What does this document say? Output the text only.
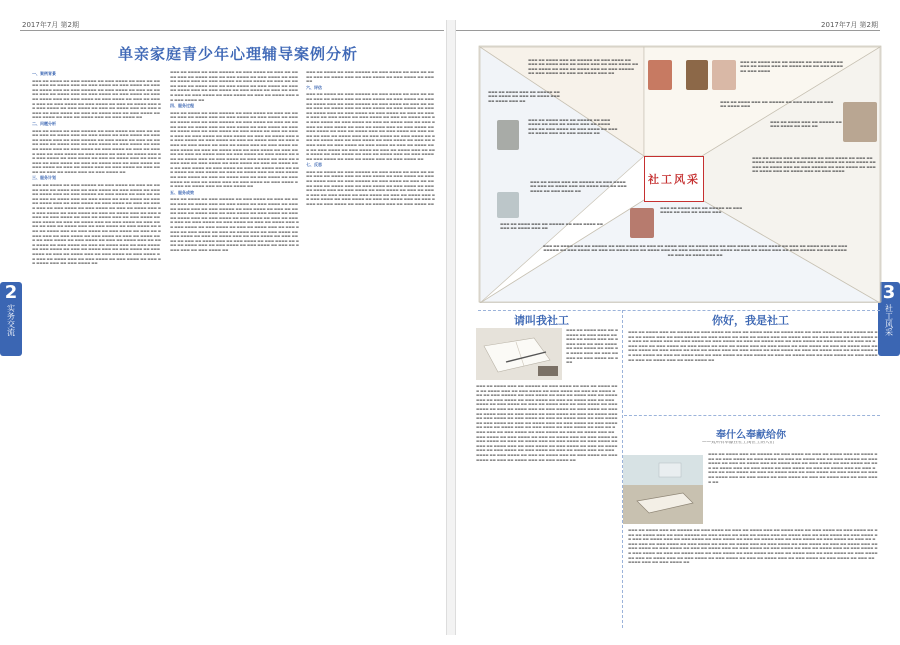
2017年7月 第2期	2017年7月 第2期
2
实务交流
3
社工风采
单亲家庭青少年心理辅导案例分析
一、案例背景
▬▬▬ ▬▬ ▬▬▬▬ ▬▬ ▬▬▬ ▬▬▬▬▬ ▬▬ ▬▬▬ ▬▬▬▬ ▬▬ ▬▬▬ ▬▬ ▬▬▬▬ ▬▬▬ ▬▬ ▬▬▬▬ ▬▬▬ ▬▬ ▬▬▬ ▬▬▬▬ ▬▬ ▬▬▬ ▬▬▬▬ ▬▬ ▬▬▬ ▬▬ ▬▬▬▬ ▬▬▬ ▬▬ ▬▬▬ ▬▬▬▬▬ ▬▬ ▬▬▬ ▬▬▬▬ ▬▬ ▬▬▬ ▬▬ ▬▬▬▬ ▬▬▬ ▬▬ ▬▬▬▬ ▬▬▬ ▬▬ ▬▬▬ ▬▬▬▬ ▬▬ ▬▬▬ ▬▬▬▬ ▬▬ ▬▬▬ ▬▬ ▬▬▬▬ ▬▬▬ ▬▬ ▬▬▬ ▬▬▬▬ ▬▬ ▬▬▬ ▬▬▬▬ ▬▬ ▬▬▬ ▬▬ ▬▬▬▬ ▬▬▬ ▬▬ ▬▬▬ ▬▬▬▬ ▬▬ ▬▬▬ ▬▬▬▬ ▬▬ ▬▬▬ ▬▬ ▬▬▬▬ ▬▬▬ ▬▬ ▬▬▬ ▬▬▬▬ ▬▬ ▬▬▬ ▬▬▬▬ ▬▬ ▬▬▬ ▬▬ ▬▬▬▬ ▬▬▬ ▬▬ ▬▬▬ ▬▬▬▬ ▬▬ ▬▬▬ ▬▬▬▬ ▬▬ ▬▬▬ ▬▬ ▬▬▬▬ ▬▬▬ ▬▬ ▬▬▬ ▬▬▬▬ ▬▬ ▬▬▬ ▬▬▬▬ ▬▬ ▬▬▬ ▬▬ ▬▬▬▬ ▬▬▬ ▬▬ ▬▬▬ ▬▬▬▬ ▬▬
二、问题分析
▬▬▬ ▬▬ ▬▬▬▬ ▬▬ ▬▬▬ ▬▬▬▬▬ ▬▬ ▬▬▬ ▬▬▬▬ ▬▬ ▬▬▬ ▬▬ ▬▬▬▬ ▬▬▬ ▬▬ ▬▬▬▬ ▬▬▬ ▬▬ ▬▬▬ ▬▬▬▬ ▬▬ ▬▬▬ ▬▬▬▬ ▬▬ ▬▬▬ ▬▬ ▬▬▬▬ ▬▬▬ ▬▬ ▬▬▬ ▬▬▬▬▬ ▬▬ ▬▬▬ ▬▬▬▬ ▬▬ ▬▬▬ ▬▬ ▬▬▬▬ ▬▬▬ ▬▬ ▬▬▬▬ ▬▬▬ ▬▬ ▬▬▬ ▬▬▬▬ ▬▬ ▬▬▬ ▬▬▬▬ ▬▬ ▬▬▬ ▬▬ ▬▬▬▬ ▬▬▬ ▬▬ ▬▬▬ ▬▬▬▬ ▬▬ ▬▬▬ ▬▬▬▬ ▬▬ ▬▬▬ ▬▬ ▬▬▬▬ ▬▬▬ ▬▬ ▬▬▬ ▬▬▬▬ ▬▬ ▬▬▬ ▬▬▬▬ ▬▬ ▬▬▬ ▬▬ ▬▬▬▬ ▬▬▬ ▬▬ ▬▬▬ ▬▬▬▬ ▬▬ ▬▬▬ ▬▬▬▬ ▬▬ ▬▬▬ ▬▬ ▬▬▬▬ ▬▬▬ ▬▬ ▬▬▬ ▬▬▬▬ ▬▬ ▬▬▬ ▬▬▬▬ ▬▬ ▬▬▬ ▬▬ ▬▬▬▬ ▬▬▬ ▬▬ ▬▬▬ ▬▬▬▬ ▬▬ ▬▬▬ ▬▬▬▬ ▬▬ ▬▬▬ ▬▬ ▬▬▬▬ ▬▬▬ ▬▬ ▬▬▬ ▬▬▬▬ ▬▬ ▬▬▬ ▬▬▬▬ ▬▬ ▬▬▬ ▬▬ ▬▬▬▬ ▬▬▬ ▬▬ ▬▬▬ ▬▬▬▬ ▬▬
三、服务计划
▬▬▬ ▬▬ ▬▬▬▬ ▬▬ ▬▬▬ ▬▬▬▬▬ ▬▬ ▬▬▬ ▬▬▬▬ ▬▬ ▬▬▬ ▬▬ ▬▬▬▬ ▬▬▬ ▬▬ ▬▬▬▬ ▬▬▬ ▬▬ ▬▬▬ ▬▬▬▬ ▬▬ ▬▬▬ ▬▬▬▬ ▬▬ ▬▬▬ ▬▬ ▬▬▬▬ ▬▬▬ ▬▬ ▬▬▬ ▬▬▬▬▬ ▬▬ ▬▬▬ ▬▬▬▬ ▬▬ ▬▬▬ ▬▬ ▬▬▬▬ ▬▬▬ ▬▬ ▬▬▬▬ ▬▬▬ ▬▬ ▬▬▬ ▬▬▬▬ ▬▬ ▬▬▬ ▬▬▬▬ ▬▬ ▬▬▬ ▬▬ ▬▬▬▬ ▬▬▬ ▬▬ ▬▬▬ ▬▬▬▬ ▬▬ ▬▬▬ ▬▬▬▬ ▬▬ ▬▬▬ ▬▬ ▬▬▬▬ ▬▬▬ ▬▬ ▬▬▬ ▬▬▬▬ ▬▬ ▬▬▬ ▬▬▬▬ ▬▬ ▬▬▬ ▬▬ ▬▬▬▬ ▬▬▬ ▬▬ ▬▬▬ ▬▬▬▬ ▬▬ ▬▬▬ ▬▬▬▬ ▬▬ ▬▬▬ ▬▬ ▬▬▬▬ ▬▬▬ ▬▬ ▬▬▬ ▬▬▬▬ ▬▬ ▬▬▬ ▬▬▬▬ ▬▬ ▬▬▬ ▬▬ ▬▬▬▬ ▬▬▬ ▬▬ ▬▬▬ ▬▬▬▬ ▬▬ ▬▬▬ ▬▬▬▬ ▬▬ ▬▬▬ ▬▬ ▬▬▬▬ ▬▬▬ ▬▬ ▬▬▬ ▬▬▬▬ ▬▬ ▬▬▬ ▬▬▬▬ ▬▬ ▬▬▬ ▬▬ ▬▬▬▬ ▬▬▬ ▬▬ ▬▬▬ ▬▬▬▬ ▬▬ ▬▬▬ ▬▬▬▬ ▬▬ ▬▬▬ ▬▬ ▬▬▬▬ ▬▬▬ ▬▬ ▬▬▬ ▬▬▬▬ ▬▬ ▬▬▬ ▬▬▬▬ ▬▬ ▬▬▬ ▬▬ ▬▬▬▬ ▬▬▬ ▬▬ ▬▬▬ ▬▬▬▬ ▬▬ ▬▬▬ ▬▬▬▬ ▬▬ ▬▬▬ ▬▬ ▬▬▬▬ ▬▬▬ ▬▬ ▬▬▬ ▬▬▬▬ ▬▬ ▬▬▬ ▬▬▬▬ ▬▬ ▬▬▬ ▬▬ ▬▬▬▬ ▬▬▬ ▬▬ ▬▬▬ ▬▬▬▬ ▬▬ ▬▬▬ ▬▬▬▬ ▬▬ ▬▬▬ ▬▬ ▬▬▬▬ ▬▬▬ ▬▬ ▬▬▬ ▬▬▬▬ ▬▬ ▬▬▬ ▬▬▬▬ ▬▬ ▬▬▬ ▬▬ ▬▬▬▬ ▬▬▬ ▬▬ ▬▬▬ ▬▬▬▬ ▬▬ ▬▬▬ ▬▬▬▬ ▬▬ ▬▬▬ ▬▬ ▬▬▬▬ ▬▬▬ ▬▬ ▬▬▬ ▬▬▬▬ ▬▬ ▬▬▬ ▬▬▬▬ ▬▬ ▬▬▬ ▬▬ ▬▬▬▬ ▬▬▬ ▬▬ ▬▬▬ ▬▬▬▬ ▬▬ ▬▬▬ ▬▬▬▬ ▬▬ ▬▬▬ ▬▬ ▬▬▬▬ ▬▬▬ ▬▬ ▬▬▬ ▬▬▬▬ ▬▬
▬▬▬ ▬▬ ▬▬▬▬ ▬▬ ▬▬▬ ▬▬▬▬▬ ▬▬ ▬▬▬ ▬▬▬▬ ▬▬ ▬▬▬ ▬▬ ▬▬▬▬ ▬▬▬ ▬▬ ▬▬▬▬ ▬▬▬ ▬▬ ▬▬▬ ▬▬▬▬ ▬▬ ▬▬▬ ▬▬▬▬ ▬▬ ▬▬▬ ▬▬ ▬▬▬▬ ▬▬▬ ▬▬ ▬▬▬ ▬▬▬▬▬ ▬▬ ▬▬▬ ▬▬▬▬ ▬▬ ▬▬▬ ▬▬ ▬▬▬▬ ▬▬▬ ▬▬ ▬▬▬▬ ▬▬▬ ▬▬ ▬▬▬ ▬▬▬▬ ▬▬ ▬▬▬ ▬▬▬▬ ▬▬ ▬▬▬ ▬▬ ▬▬▬▬ ▬▬▬ ▬▬ ▬▬▬ ▬▬▬▬ ▬▬ ▬▬▬ ▬▬▬▬ ▬▬ ▬▬▬ ▬▬ ▬▬▬▬ ▬▬▬ ▬▬ ▬▬▬ ▬▬▬▬ ▬▬ ▬▬▬ ▬▬▬▬ ▬▬ ▬▬▬ ▬▬ ▬▬▬▬ ▬▬▬ ▬▬ ▬▬▬ ▬▬▬▬ ▬▬
四、服务过程
▬▬▬ ▬▬ ▬▬▬▬ ▬▬ ▬▬▬ ▬▬▬▬▬ ▬▬ ▬▬▬ ▬▬▬▬ ▬▬ ▬▬▬ ▬▬ ▬▬▬▬ ▬▬▬ ▬▬ ▬▬▬▬ ▬▬▬ ▬▬ ▬▬▬ ▬▬▬▬ ▬▬ ▬▬▬ ▬▬▬▬ ▬▬ ▬▬▬ ▬▬ ▬▬▬▬ ▬▬▬ ▬▬ ▬▬▬ ▬▬▬▬▬ ▬▬ ▬▬▬ ▬▬▬▬ ▬▬ ▬▬▬ ▬▬ ▬▬▬▬ ▬▬▬ ▬▬ ▬▬▬▬ ▬▬▬ ▬▬ ▬▬▬ ▬▬▬▬ ▬▬ ▬▬▬ ▬▬▬▬ ▬▬ ▬▬▬ ▬▬ ▬▬▬▬ ▬▬▬ ▬▬ ▬▬▬ ▬▬▬▬ ▬▬ ▬▬▬ ▬▬▬▬ ▬▬ ▬▬▬ ▬▬ ▬▬▬▬ ▬▬▬ ▬▬ ▬▬▬ ▬▬▬▬ ▬▬ ▬▬▬ ▬▬▬▬ ▬▬ ▬▬▬ ▬▬ ▬▬▬▬ ▬▬▬ ▬▬ ▬▬▬ ▬▬▬▬ ▬▬ ▬▬▬ ▬▬▬▬ ▬▬ ▬▬▬ ▬▬ ▬▬▬▬ ▬▬▬ ▬▬ ▬▬▬ ▬▬▬▬ ▬▬ ▬▬▬ ▬▬▬▬ ▬▬ ▬▬▬ ▬▬ ▬▬▬▬ ▬▬▬ ▬▬ ▬▬▬ ▬▬▬▬ ▬▬ ▬▬▬ ▬▬▬▬ ▬▬ ▬▬▬ ▬▬ ▬▬▬▬ ▬▬▬ ▬▬ ▬▬▬ ▬▬▬▬ ▬▬ ▬▬▬ ▬▬▬▬ ▬▬ ▬▬▬ ▬▬ ▬▬▬▬ ▬▬▬ ▬▬ ▬▬▬ ▬▬▬▬ ▬▬ ▬▬▬ ▬▬▬▬ ▬▬ ▬▬▬ ▬▬ ▬▬▬▬ ▬▬▬ ▬▬ ▬▬▬ ▬▬▬▬ ▬▬ ▬▬▬ ▬▬▬▬ ▬▬ ▬▬▬ ▬▬ ▬▬▬▬ ▬▬▬ ▬▬ ▬▬▬ ▬▬▬▬ ▬▬ ▬▬▬ ▬▬▬▬ ▬▬ ▬▬▬ ▬▬ ▬▬▬▬ ▬▬▬ ▬▬ ▬▬▬ ▬▬▬▬ ▬▬ ▬▬▬ ▬▬▬▬ ▬▬ ▬▬▬ ▬▬ ▬▬▬▬ ▬▬▬ ▬▬ ▬▬▬ ▬▬▬▬ ▬▬ ▬▬▬ ▬▬▬▬ ▬▬ ▬▬▬ ▬▬ ▬▬▬▬ ▬▬▬ ▬▬ ▬▬▬ ▬▬▬▬ ▬▬ ▬▬▬ ▬▬▬▬ ▬▬ ▬▬▬ ▬▬ ▬▬▬▬ ▬▬▬ ▬▬ ▬▬▬ ▬▬▬▬ ▬▬ ▬▬▬ ▬▬▬▬ ▬▬ ▬▬▬ ▬▬ ▬▬▬▬ ▬▬▬ ▬▬ ▬▬▬ ▬▬▬▬ ▬▬ ▬▬▬ ▬▬▬▬ ▬▬ ▬▬▬ ▬▬ ▬▬▬▬ ▬▬▬ ▬▬ ▬▬▬ ▬▬▬▬ ▬▬
五、服务成效
▬▬▬ ▬▬ ▬▬▬▬ ▬▬ ▬▬▬ ▬▬▬▬▬ ▬▬ ▬▬▬ ▬▬▬▬ ▬▬ ▬▬▬ ▬▬ ▬▬▬▬ ▬▬▬ ▬▬ ▬▬▬▬ ▬▬▬ ▬▬ ▬▬▬ ▬▬▬▬ ▬▬ ▬▬▬ ▬▬▬▬ ▬▬ ▬▬▬ ▬▬ ▬▬▬▬ ▬▬▬ ▬▬ ▬▬▬ ▬▬▬▬▬ ▬▬ ▬▬▬ ▬▬▬▬ ▬▬ ▬▬▬ ▬▬ ▬▬▬▬ ▬▬▬ ▬▬ ▬▬▬▬ ▬▬▬ ▬▬ ▬▬▬ ▬▬▬▬ ▬▬ ▬▬▬ ▬▬▬▬ ▬▬ ▬▬▬ ▬▬ ▬▬▬▬ ▬▬▬ ▬▬ ▬▬▬ ▬▬▬▬ ▬▬ ▬▬▬ ▬▬▬▬ ▬▬ ▬▬▬ ▬▬ ▬▬▬▬ ▬▬▬ ▬▬ ▬▬▬ ▬▬▬▬ ▬▬ ▬▬▬ ▬▬▬▬ ▬▬ ▬▬▬ ▬▬ ▬▬▬▬ ▬▬▬ ▬▬ ▬▬▬ ▬▬▬▬ ▬▬ ▬▬▬ ▬▬▬▬ ▬▬ ▬▬▬ ▬▬ ▬▬▬▬ ▬▬▬ ▬▬ ▬▬▬ ▬▬▬▬ ▬▬ ▬▬▬ ▬▬▬▬ ▬▬ ▬▬▬ ▬▬ ▬▬▬▬ ▬▬▬ ▬▬ ▬▬▬ ▬▬▬▬ ▬▬ ▬▬▬ ▬▬▬▬ ▬▬ ▬▬▬ ▬▬ ▬▬▬▬ ▬▬▬ ▬▬ ▬▬▬ ▬▬▬▬ ▬▬ ▬▬▬ ▬▬▬▬ ▬▬ ▬▬▬ ▬▬ ▬▬▬▬ ▬▬▬ ▬▬ ▬▬▬ ▬▬▬▬ ▬▬ ▬▬▬ ▬▬▬▬ ▬▬ ▬▬▬ ▬▬ ▬▬▬▬ ▬▬▬ ▬▬ ▬▬▬ ▬▬▬▬ ▬▬ ▬▬▬ ▬▬▬▬ ▬▬ ▬▬▬ ▬▬ ▬▬▬▬ ▬▬▬ ▬▬ ▬▬▬ ▬▬▬▬ ▬▬
▬▬▬ ▬▬ ▬▬▬▬ ▬▬ ▬▬▬ ▬▬▬▬▬ ▬▬ ▬▬▬ ▬▬▬▬ ▬▬ ▬▬▬ ▬▬ ▬▬▬▬ ▬▬▬ ▬▬ ▬▬▬▬ ▬▬▬ ▬▬ ▬▬▬ ▬▬▬▬ ▬▬ ▬▬▬ ▬▬▬▬ ▬▬ ▬▬▬ ▬▬
六、评估
▬▬▬ ▬▬ ▬▬▬▬ ▬▬ ▬▬▬ ▬▬▬▬▬ ▬▬ ▬▬▬ ▬▬▬▬ ▬▬ ▬▬▬ ▬▬ ▬▬▬▬ ▬▬▬ ▬▬ ▬▬▬▬ ▬▬▬ ▬▬ ▬▬▬ ▬▬▬▬ ▬▬ ▬▬▬ ▬▬▬▬ ▬▬ ▬▬▬ ▬▬ ▬▬▬▬ ▬▬▬ ▬▬ ▬▬▬ ▬▬▬▬▬ ▬▬ ▬▬▬ ▬▬▬▬ ▬▬ ▬▬▬ ▬▬ ▬▬▬▬ ▬▬▬ ▬▬ ▬▬▬▬ ▬▬▬ ▬▬ ▬▬▬ ▬▬▬▬ ▬▬ ▬▬▬ ▬▬▬▬ ▬▬ ▬▬▬ ▬▬ ▬▬▬▬ ▬▬▬ ▬▬ ▬▬▬ ▬▬▬▬ ▬▬ ▬▬▬ ▬▬▬▬ ▬▬ ▬▬▬ ▬▬ ▬▬▬▬ ▬▬▬ ▬▬ ▬▬▬ ▬▬▬▬ ▬▬ ▬▬▬ ▬▬▬▬ ▬▬ ▬▬▬ ▬▬ ▬▬▬▬ ▬▬▬ ▬▬ ▬▬▬ ▬▬▬▬ ▬▬ ▬▬▬ ▬▬▬▬ ▬▬ ▬▬▬ ▬▬ ▬▬▬▬ ▬▬▬ ▬▬ ▬▬▬ ▬▬▬▬ ▬▬ ▬▬▬ ▬▬▬▬ ▬▬ ▬▬▬ ▬▬ ▬▬▬▬ ▬▬▬ ▬▬ ▬▬▬ ▬▬▬▬ ▬▬ ▬▬▬ ▬▬▬▬ ▬▬ ▬▬▬ ▬▬ ▬▬▬▬ ▬▬▬ ▬▬ ▬▬▬ ▬▬▬▬ ▬▬ ▬▬▬ ▬▬▬▬ ▬▬ ▬▬▬ ▬▬ ▬▬▬▬ ▬▬▬ ▬▬ ▬▬▬ ▬▬▬▬ ▬▬ ▬▬▬ ▬▬▬▬ ▬▬ ▬▬▬ ▬▬ ▬▬▬▬ ▬▬▬ ▬▬ ▬▬▬ ▬▬▬▬ ▬▬ ▬▬▬ ▬▬▬▬ ▬▬ ▬▬▬ ▬▬ ▬▬▬▬ ▬▬▬ ▬▬ ▬▬▬ ▬▬▬▬ ▬▬ ▬▬▬ ▬▬▬▬ ▬▬ ▬▬▬ ▬▬ ▬▬▬▬ ▬▬▬ ▬▬ ▬▬▬ ▬▬▬▬ ▬▬ ▬▬▬ ▬▬▬▬ ▬▬ ▬▬▬ ▬▬ ▬▬▬▬ ▬▬▬ ▬▬ ▬▬▬ ▬▬▬▬ ▬▬ ▬▬▬ ▬▬▬▬ ▬▬ ▬▬▬ ▬▬ ▬▬▬▬ ▬▬▬ ▬▬ ▬▬▬ ▬▬▬▬ ▬▬ ▬▬▬ ▬▬▬▬ ▬▬ ▬▬▬ ▬▬ ▬▬▬▬ ▬▬▬ ▬▬ ▬▬▬ ▬▬▬▬ ▬▬
七、反思
▬▬▬ ▬▬ ▬▬▬▬ ▬▬ ▬▬▬ ▬▬▬▬▬ ▬▬ ▬▬▬ ▬▬▬▬ ▬▬ ▬▬▬ ▬▬ ▬▬▬▬ ▬▬▬ ▬▬ ▬▬▬▬ ▬▬▬ ▬▬ ▬▬▬ ▬▬▬▬ ▬▬ ▬▬▬ ▬▬▬▬ ▬▬ ▬▬▬ ▬▬ ▬▬▬▬ ▬▬▬ ▬▬ ▬▬▬ ▬▬▬▬▬ ▬▬ ▬▬▬ ▬▬▬▬ ▬▬ ▬▬▬ ▬▬ ▬▬▬▬ ▬▬▬ ▬▬ ▬▬▬▬ ▬▬▬ ▬▬ ▬▬▬ ▬▬▬▬ ▬▬ ▬▬▬ ▬▬▬▬ ▬▬ ▬▬▬ ▬▬ ▬▬▬▬ ▬▬▬ ▬▬ ▬▬▬ ▬▬▬▬ ▬▬ ▬▬▬ ▬▬▬▬ ▬▬ ▬▬▬ ▬▬ ▬▬▬▬ ▬▬▬ ▬▬ ▬▬▬ ▬▬▬▬ ▬▬ ▬▬▬ ▬▬▬▬ ▬▬ ▬▬▬ ▬▬ ▬▬▬▬ ▬▬▬ ▬▬ ▬▬▬ ▬▬▬▬ ▬▬ ▬▬▬ ▬▬▬▬ ▬▬ ▬▬▬ ▬▬ ▬▬▬▬ ▬▬▬ ▬▬ ▬▬▬ ▬▬▬▬ ▬▬ ▬▬▬ ▬▬▬▬ ▬▬ ▬▬▬ ▬▬ ▬▬▬▬ ▬▬▬ ▬▬ ▬▬▬ ▬▬▬▬ ▬▬
社工风采
▬▬▬ ▬▬ ▬▬▬▬ ▬▬▬ ▬▬ ▬▬▬▬▬ ▬▬ ▬▬▬ ▬▬▬▬ ▬▬ ▬▬▬ ▬▬ ▬▬▬▬ ▬▬▬ ▬▬ ▬▬▬▬ ▬▬▬ ▬▬ ▬▬▬ ▬▬▬▬ ▬▬ ▬▬▬ ▬▬▬▬ ▬▬ ▬▬▬ ▬▬ ▬▬▬▬ ▬▬▬ ▬▬ ▬▬▬ ▬▬▬▬▬ ▬▬ ▬▬▬ ▬▬▬▬ ▬▬ ▬▬▬ ▬▬ ▬▬▬▬ ▬▬▬ ▬▬
▬▬▬ ▬▬ ▬▬▬▬ ▬▬▬ ▬▬ ▬▬▬▬▬ ▬▬ ▬▬▬ ▬▬▬▬ ▬▬ ▬▬▬ ▬▬ ▬▬▬▬ ▬▬▬ ▬▬ ▬▬▬▬ ▬▬▬ ▬▬
▬▬▬ ▬▬ ▬▬▬▬ ▬▬▬ ▬▬ ▬▬▬▬▬ ▬▬ ▬▬▬ ▬▬▬▬ ▬▬ ▬▬▬ ▬▬ ▬▬▬▬ ▬▬▬ ▬▬ ▬▬▬▬ ▬▬▬ ▬▬ ▬▬▬ ▬▬▬▬ ▬▬ ▬▬▬ ▬▬▬▬ ▬▬ ▬▬▬ ▬▬ ▬▬▬▬ ▬▬▬ ▬▬ ▬▬▬ ▬▬▬▬▬ ▬▬
▬▬▬ ▬▬ ▬▬▬▬ ▬▬▬ ▬▬ ▬▬▬▬▬ ▬▬ ▬▬▬ ▬▬▬▬ ▬▬ ▬▬▬ ▬▬ ▬▬▬▬ ▬▬▬ ▬▬ ▬▬▬▬ ▬▬▬ ▬▬ ▬▬▬ ▬▬▬▬ ▬▬ ▬▬▬ ▬▬▬▬ ▬▬
▬▬▬ ▬▬ ▬▬▬▬ ▬▬▬ ▬▬ ▬▬▬▬▬ ▬▬ ▬▬▬ ▬▬▬▬ ▬▬ ▬▬▬ ▬▬ ▬▬▬▬ ▬▬▬ ▬▬
▬▬▬ ▬▬ ▬▬▬▬ ▬▬▬ ▬▬ ▬▬▬▬▬ ▬▬ ▬▬▬ ▬▬▬▬ ▬▬ ▬▬▬ ▬▬ ▬▬▬▬ ▬▬▬ ▬▬ ▬▬▬▬ ▬▬▬ ▬▬ ▬▬▬ ▬▬▬▬ ▬▬ ▬▬▬ ▬▬▬▬
▬▬▬ ▬▬ ▬▬▬▬ ▬▬▬ ▬▬ ▬▬▬▬▬ ▬▬ ▬▬▬ ▬▬▬▬ ▬▬ ▬▬▬ ▬▬ ▬▬▬▬ ▬▬▬
▬▬▬ ▬▬ ▬▬▬▬ ▬▬▬ ▬▬ ▬▬▬▬▬ ▬▬ ▬▬▬ ▬▬▬▬ ▬▬ ▬▬▬ ▬▬
▬▬▬ ▬▬ ▬▬▬▬ ▬▬▬ ▬▬ ▬▬▬▬▬ ▬▬ ▬▬▬ ▬▬▬▬ ▬▬ ▬▬▬ ▬▬ ▬▬▬▬ ▬▬▬ ▬▬ ▬▬▬▬ ▬▬▬ ▬▬ ▬▬▬ ▬▬▬▬ ▬▬ ▬▬▬ ▬▬▬▬ ▬▬ ▬▬▬ ▬▬ ▬▬▬▬ ▬▬▬ ▬▬ ▬▬▬ ▬▬▬▬▬ ▬▬ ▬▬▬ ▬▬▬▬ ▬▬ ▬▬▬ ▬▬ ▬▬▬▬ ▬▬▬ ▬▬ ▬▬▬▬ ▬▬▬ ▬▬ ▬▬▬ ▬▬▬▬
▬▬▬ ▬▬ ▬▬▬▬ ▬▬▬ ▬▬ ▬▬▬▬▬ ▬▬ ▬▬▬ ▬▬▬▬ ▬▬ ▬▬▬ ▬▬ ▬▬▬▬ ▬▬▬
▬▬▬ ▬▬ ▬▬▬▬ ▬▬▬ ▬▬ ▬▬▬▬▬ ▬▬ ▬▬▬ ▬▬▬▬ ▬▬ ▬▬▬ ▬▬ ▬▬▬▬ ▬▬▬ ▬▬ ▬▬▬▬ ▬▬▬ ▬▬ ▬▬▬ ▬▬▬▬ ▬▬ ▬▬▬ ▬▬▬▬ ▬▬ ▬▬▬ ▬▬ ▬▬▬▬ ▬▬▬ ▬▬ ▬▬▬ ▬▬▬▬▬ ▬▬ ▬▬▬ ▬▬▬▬ ▬▬ ▬▬▬ ▬▬ ▬▬▬▬ ▬▬▬ ▬▬ ▬▬▬▬ ▬▬▬ ▬▬ ▬▬▬ ▬▬▬▬ ▬▬ ▬▬▬ ▬▬▬▬ ▬▬ ▬▬▬ ▬▬ ▬▬▬▬ ▬▬▬ ▬▬ ▬▬▬ ▬▬▬▬▬ ▬▬ ▬▬▬ ▬▬▬▬ ▬▬ ▬▬▬ ▬▬ ▬▬▬▬ ▬▬▬ ▬▬
请叫我社工
▬▬▬ ▬▬ ▬▬▬▬ ▬▬▬ ▬▬ ▬▬▬▬▬ ▬▬ ▬▬▬ ▬▬▬▬ ▬▬ ▬▬▬ ▬▬ ▬▬▬▬ ▬▬▬ ▬▬ ▬▬▬▬ ▬▬▬ ▬▬ ▬▬▬ ▬▬▬▬ ▬▬ ▬▬▬ ▬▬▬▬ ▬▬ ▬▬▬ ▬▬ ▬▬▬▬ ▬▬▬ ▬▬ ▬▬▬ ▬▬▬▬▬ ▬▬ ▬▬▬ ▬▬▬▬ ▬▬ ▬▬▬
▬▬▬ ▬▬ ▬▬▬▬ ▬▬▬ ▬▬ ▬▬▬▬▬ ▬▬ ▬▬▬ ▬▬▬▬ ▬▬ ▬▬▬ ▬▬ ▬▬▬▬ ▬▬▬ ▬▬ ▬▬▬▬ ▬▬▬ ▬▬ ▬▬▬ ▬▬▬▬ ▬▬ ▬▬▬ ▬▬▬▬ ▬▬ ▬▬▬ ▬▬ ▬▬▬▬ ▬▬▬ ▬▬ ▬▬▬ ▬▬▬▬▬ ▬▬ ▬▬▬ ▬▬▬▬ ▬▬ ▬▬▬ ▬▬ ▬▬▬▬ ▬▬▬ ▬▬ ▬▬▬▬ ▬▬▬ ▬▬ ▬▬▬ ▬▬▬▬ ▬▬ ▬▬▬ ▬▬▬▬ ▬▬ ▬▬▬ ▬▬ ▬▬▬▬ ▬▬▬ ▬▬ ▬▬▬ ▬▬▬▬ ▬▬ ▬▬▬ ▬▬▬▬ ▬▬ ▬▬▬ ▬▬ ▬▬▬▬ ▬▬▬ ▬▬ ▬▬▬ ▬▬▬▬ ▬▬ ▬▬▬ ▬▬▬▬ ▬▬ ▬▬▬ ▬▬ ▬▬▬▬ ▬▬▬ ▬▬ ▬▬▬ ▬▬▬▬ ▬▬ ▬▬▬ ▬▬▬▬ ▬▬ ▬▬▬ ▬▬ ▬▬▬▬ ▬▬▬ ▬▬ ▬▬▬ ▬▬▬▬ ▬▬ ▬▬▬ ▬▬▬▬ ▬▬ ▬▬▬ ▬▬ ▬▬▬▬ ▬▬▬ ▬▬ ▬▬▬ ▬▬▬▬ ▬▬ ▬▬▬ ▬▬▬▬ ▬▬ ▬▬▬ ▬▬ ▬▬▬▬ ▬▬▬ ▬▬ ▬▬▬ ▬▬▬▬ ▬▬ ▬▬▬ ▬▬▬▬ ▬▬ ▬▬▬ ▬▬ ▬▬▬▬ ▬▬▬ ▬▬ ▬▬▬ ▬▬▬▬ ▬▬ ▬▬▬ ▬▬▬▬ ▬▬ ▬▬▬ ▬▬ ▬▬▬▬ ▬▬▬ ▬▬ ▬▬▬ ▬▬▬▬ ▬▬ ▬▬▬ ▬▬▬▬ ▬▬ ▬▬▬ ▬▬ ▬▬▬▬ ▬▬▬ ▬▬ ▬▬▬ ▬▬▬▬ ▬▬ ▬▬▬ ▬▬▬▬ ▬▬ ▬▬▬ ▬▬ ▬▬▬▬ ▬▬▬ ▬▬ ▬▬▬ ▬▬▬▬ ▬▬ ▬▬▬ ▬▬▬▬ ▬▬ ▬▬▬ ▬▬ ▬▬▬▬ ▬▬▬ ▬▬ ▬▬▬ ▬▬▬▬ ▬▬ ▬▬▬ ▬▬▬▬ ▬▬ ▬▬▬ ▬▬ ▬▬▬▬ ▬▬▬ ▬▬ ▬▬▬ ▬▬▬▬ ▬▬ ▬▬▬ ▬▬▬▬ ▬▬ ▬▬▬ ▬▬ ▬▬▬▬ ▬▬▬ ▬▬ ▬▬▬ ▬▬▬▬ ▬▬ ▬▬▬ ▬▬▬▬ ▬▬ ▬▬▬ ▬▬ ▬▬▬▬ ▬▬▬ ▬▬ ▬▬▬ ▬▬▬▬ ▬▬ ▬▬▬ ▬▬▬▬ ▬▬ ▬▬▬ ▬▬ ▬▬▬▬ ▬▬▬ ▬▬ ▬▬▬ ▬▬▬▬ ▬▬ ▬▬▬ ▬▬▬▬ ▬▬ ▬▬▬ ▬▬ ▬▬▬▬ ▬▬▬ ▬▬ ▬▬▬ ▬▬▬▬ ▬▬ ▬▬▬ ▬▬▬▬ ▬▬ ▬▬▬ ▬▬ ▬▬▬▬ ▬▬▬ ▬▬ ▬▬▬ ▬▬▬▬ ▬▬
你好，我是社工
▬▬▬ ▬▬ ▬▬▬▬ ▬▬▬ ▬▬ ▬▬▬▬▬ ▬▬ ▬▬▬ ▬▬▬▬ ▬▬ ▬▬▬ ▬▬ ▬▬▬▬ ▬▬▬ ▬▬ ▬▬▬▬ ▬▬▬ ▬▬ ▬▬▬ ▬▬▬▬ ▬▬ ▬▬▬ ▬▬▬▬ ▬▬ ▬▬▬ ▬▬ ▬▬▬▬ ▬▬▬ ▬▬ ▬▬▬ ▬▬▬▬▬ ▬▬ ▬▬▬ ▬▬▬▬ ▬▬ ▬▬▬ ▬▬ ▬▬▬▬ ▬▬▬ ▬▬ ▬▬▬▬ ▬▬▬ ▬▬ ▬▬▬ ▬▬▬▬ ▬▬ ▬▬▬ ▬▬▬▬ ▬▬ ▬▬▬ ▬▬ ▬▬▬▬ ▬▬▬ ▬▬ ▬▬▬ ▬▬▬▬ ▬▬ ▬▬▬ ▬▬▬▬ ▬▬ ▬▬▬ ▬▬ ▬▬▬▬ ▬▬▬ ▬▬ ▬▬▬ ▬▬▬▬ ▬▬ ▬▬▬ ▬▬▬▬ ▬▬ ▬▬▬ ▬▬ ▬▬▬▬ ▬▬▬ ▬▬ ▬▬▬ ▬▬▬▬ ▬▬ ▬▬▬ ▬▬▬▬ ▬▬ ▬▬▬ ▬▬ ▬▬▬▬ ▬▬▬ ▬▬ ▬▬▬ ▬▬▬▬ ▬▬ ▬▬▬ ▬▬▬▬ ▬▬ ▬▬▬ ▬▬ ▬▬▬▬ ▬▬▬ ▬▬ ▬▬▬ ▬▬▬▬ ▬▬ ▬▬▬ ▬▬▬▬ ▬▬ ▬▬▬ ▬▬ ▬▬▬▬ ▬▬▬ ▬▬ ▬▬▬ ▬▬▬▬ ▬▬ ▬▬▬ ▬▬▬▬ ▬▬ ▬▬▬ ▬▬ ▬▬▬▬ ▬▬▬ ▬▬ ▬▬▬ ▬▬▬▬ ▬▬ ▬▬▬ ▬▬▬▬ ▬▬ ▬▬▬ ▬▬ ▬▬▬▬ ▬▬▬ ▬▬ ▬▬▬ ▬▬▬▬ ▬▬ ▬▬▬ ▬▬▬▬ ▬▬ ▬▬▬ ▬▬ ▬▬▬▬ ▬▬▬ ▬▬ ▬▬▬ ▬▬▬▬ ▬▬ ▬▬▬ ▬▬▬▬ ▬▬ ▬▬▬ ▬▬ ▬▬▬▬ ▬▬▬ ▬▬ ▬▬▬ ▬▬▬▬ ▬▬
奉什么奉献给你
——致所有奉献在社工岗位上的人们
▬▬▬ ▬▬ ▬▬▬▬ ▬▬▬ ▬▬ ▬▬▬▬▬ ▬▬ ▬▬▬ ▬▬▬▬ ▬▬ ▬▬▬ ▬▬ ▬▬▬▬ ▬▬▬ ▬▬ ▬▬▬▬ ▬▬▬ ▬▬ ▬▬▬ ▬▬▬▬ ▬▬ ▬▬▬ ▬▬▬▬ ▬▬ ▬▬▬ ▬▬ ▬▬▬▬ ▬▬▬ ▬▬ ▬▬▬ ▬▬▬▬▬ ▬▬ ▬▬▬ ▬▬▬▬ ▬▬ ▬▬▬ ▬▬ ▬▬▬▬ ▬▬▬ ▬▬ ▬▬▬▬ ▬▬▬ ▬▬ ▬▬▬ ▬▬▬▬ ▬▬ ▬▬▬ ▬▬▬▬ ▬▬ ▬▬▬ ▬▬ ▬▬▬▬ ▬▬▬ ▬▬ ▬▬▬ ▬▬▬▬ ▬▬ ▬▬▬ ▬▬▬▬ ▬▬ ▬▬▬ ▬▬ ▬▬▬▬ ▬▬▬ ▬▬ ▬▬▬ ▬▬▬▬ ▬▬ ▬▬▬ ▬▬▬▬ ▬▬ ▬▬▬ ▬▬ ▬▬▬▬ ▬▬▬ ▬▬ ▬▬▬ ▬▬▬▬ ▬▬ ▬▬▬ ▬▬▬▬ ▬▬ ▬▬▬ ▬▬ ▬▬▬▬ ▬▬▬ ▬▬ ▬▬▬ ▬▬▬▬ ▬▬ ▬▬▬ ▬▬▬▬ ▬▬ ▬▬▬ ▬▬ ▬▬▬▬ ▬▬▬ ▬▬ ▬▬▬ ▬▬▬▬ ▬▬
▬▬▬ ▬▬ ▬▬▬▬ ▬▬▬ ▬▬ ▬▬▬▬▬ ▬▬ ▬▬▬ ▬▬▬▬ ▬▬ ▬▬▬ ▬▬ ▬▬▬▬ ▬▬▬ ▬▬ ▬▬▬▬ ▬▬▬ ▬▬ ▬▬▬ ▬▬▬▬ ▬▬ ▬▬▬ ▬▬▬▬ ▬▬ ▬▬▬ ▬▬ ▬▬▬▬ ▬▬▬ ▬▬ ▬▬▬ ▬▬▬▬▬ ▬▬ ▬▬▬ ▬▬▬▬ ▬▬ ▬▬▬ ▬▬ ▬▬▬▬ ▬▬▬ ▬▬ ▬▬▬▬ ▬▬▬ ▬▬ ▬▬▬ ▬▬▬▬ ▬▬ ▬▬▬ ▬▬▬▬ ▬▬ ▬▬▬ ▬▬ ▬▬▬▬ ▬▬▬ ▬▬ ▬▬▬ ▬▬▬▬ ▬▬ ▬▬▬ ▬▬▬▬ ▬▬ ▬▬▬ ▬▬ ▬▬▬▬ ▬▬▬ ▬▬ ▬▬▬ ▬▬▬▬ ▬▬ ▬▬▬ ▬▬▬▬ ▬▬ ▬▬▬ ▬▬ ▬▬▬▬ ▬▬▬ ▬▬ ▬▬▬ ▬▬▬▬ ▬▬ ▬▬▬ ▬▬▬▬ ▬▬ ▬▬▬ ▬▬ ▬▬▬▬ ▬▬▬ ▬▬ ▬▬▬ ▬▬▬▬ ▬▬ ▬▬▬ ▬▬▬▬ ▬▬ ▬▬▬ ▬▬ ▬▬▬▬ ▬▬▬ ▬▬ ▬▬▬ ▬▬▬▬ ▬▬ ▬▬▬ ▬▬▬▬ ▬▬ ▬▬▬ ▬▬ ▬▬▬▬ ▬▬▬ ▬▬ ▬▬▬ ▬▬▬▬ ▬▬ ▬▬▬ ▬▬▬▬ ▬▬ ▬▬▬ ▬▬ ▬▬▬▬ ▬▬▬ ▬▬ ▬▬▬ ▬▬▬▬ ▬▬ ▬▬▬ ▬▬▬▬ ▬▬ ▬▬▬ ▬▬ ▬▬▬▬ ▬▬▬ ▬▬ ▬▬▬ ▬▬▬▬ ▬▬ ▬▬▬ ▬▬▬▬ ▬▬ ▬▬▬ ▬▬ ▬▬▬▬ ▬▬▬ ▬▬ ▬▬▬ ▬▬▬▬ ▬▬ ▬▬▬ ▬▬▬▬ ▬▬ ▬▬▬ ▬▬ ▬▬▬▬ ▬▬▬ ▬▬ ▬▬▬ ▬▬▬▬ ▬▬ ▬▬▬ ▬▬▬▬ ▬▬ ▬▬▬ ▬▬ ▬▬▬▬ ▬▬▬ ▬▬ ▬▬▬ ▬▬▬▬ ▬▬ ▬▬▬ ▬▬▬▬ ▬▬ ▬▬▬ ▬▬ ▬▬▬▬ ▬▬▬ ▬▬ ▬▬▬ ▬▬▬▬ ▬▬
